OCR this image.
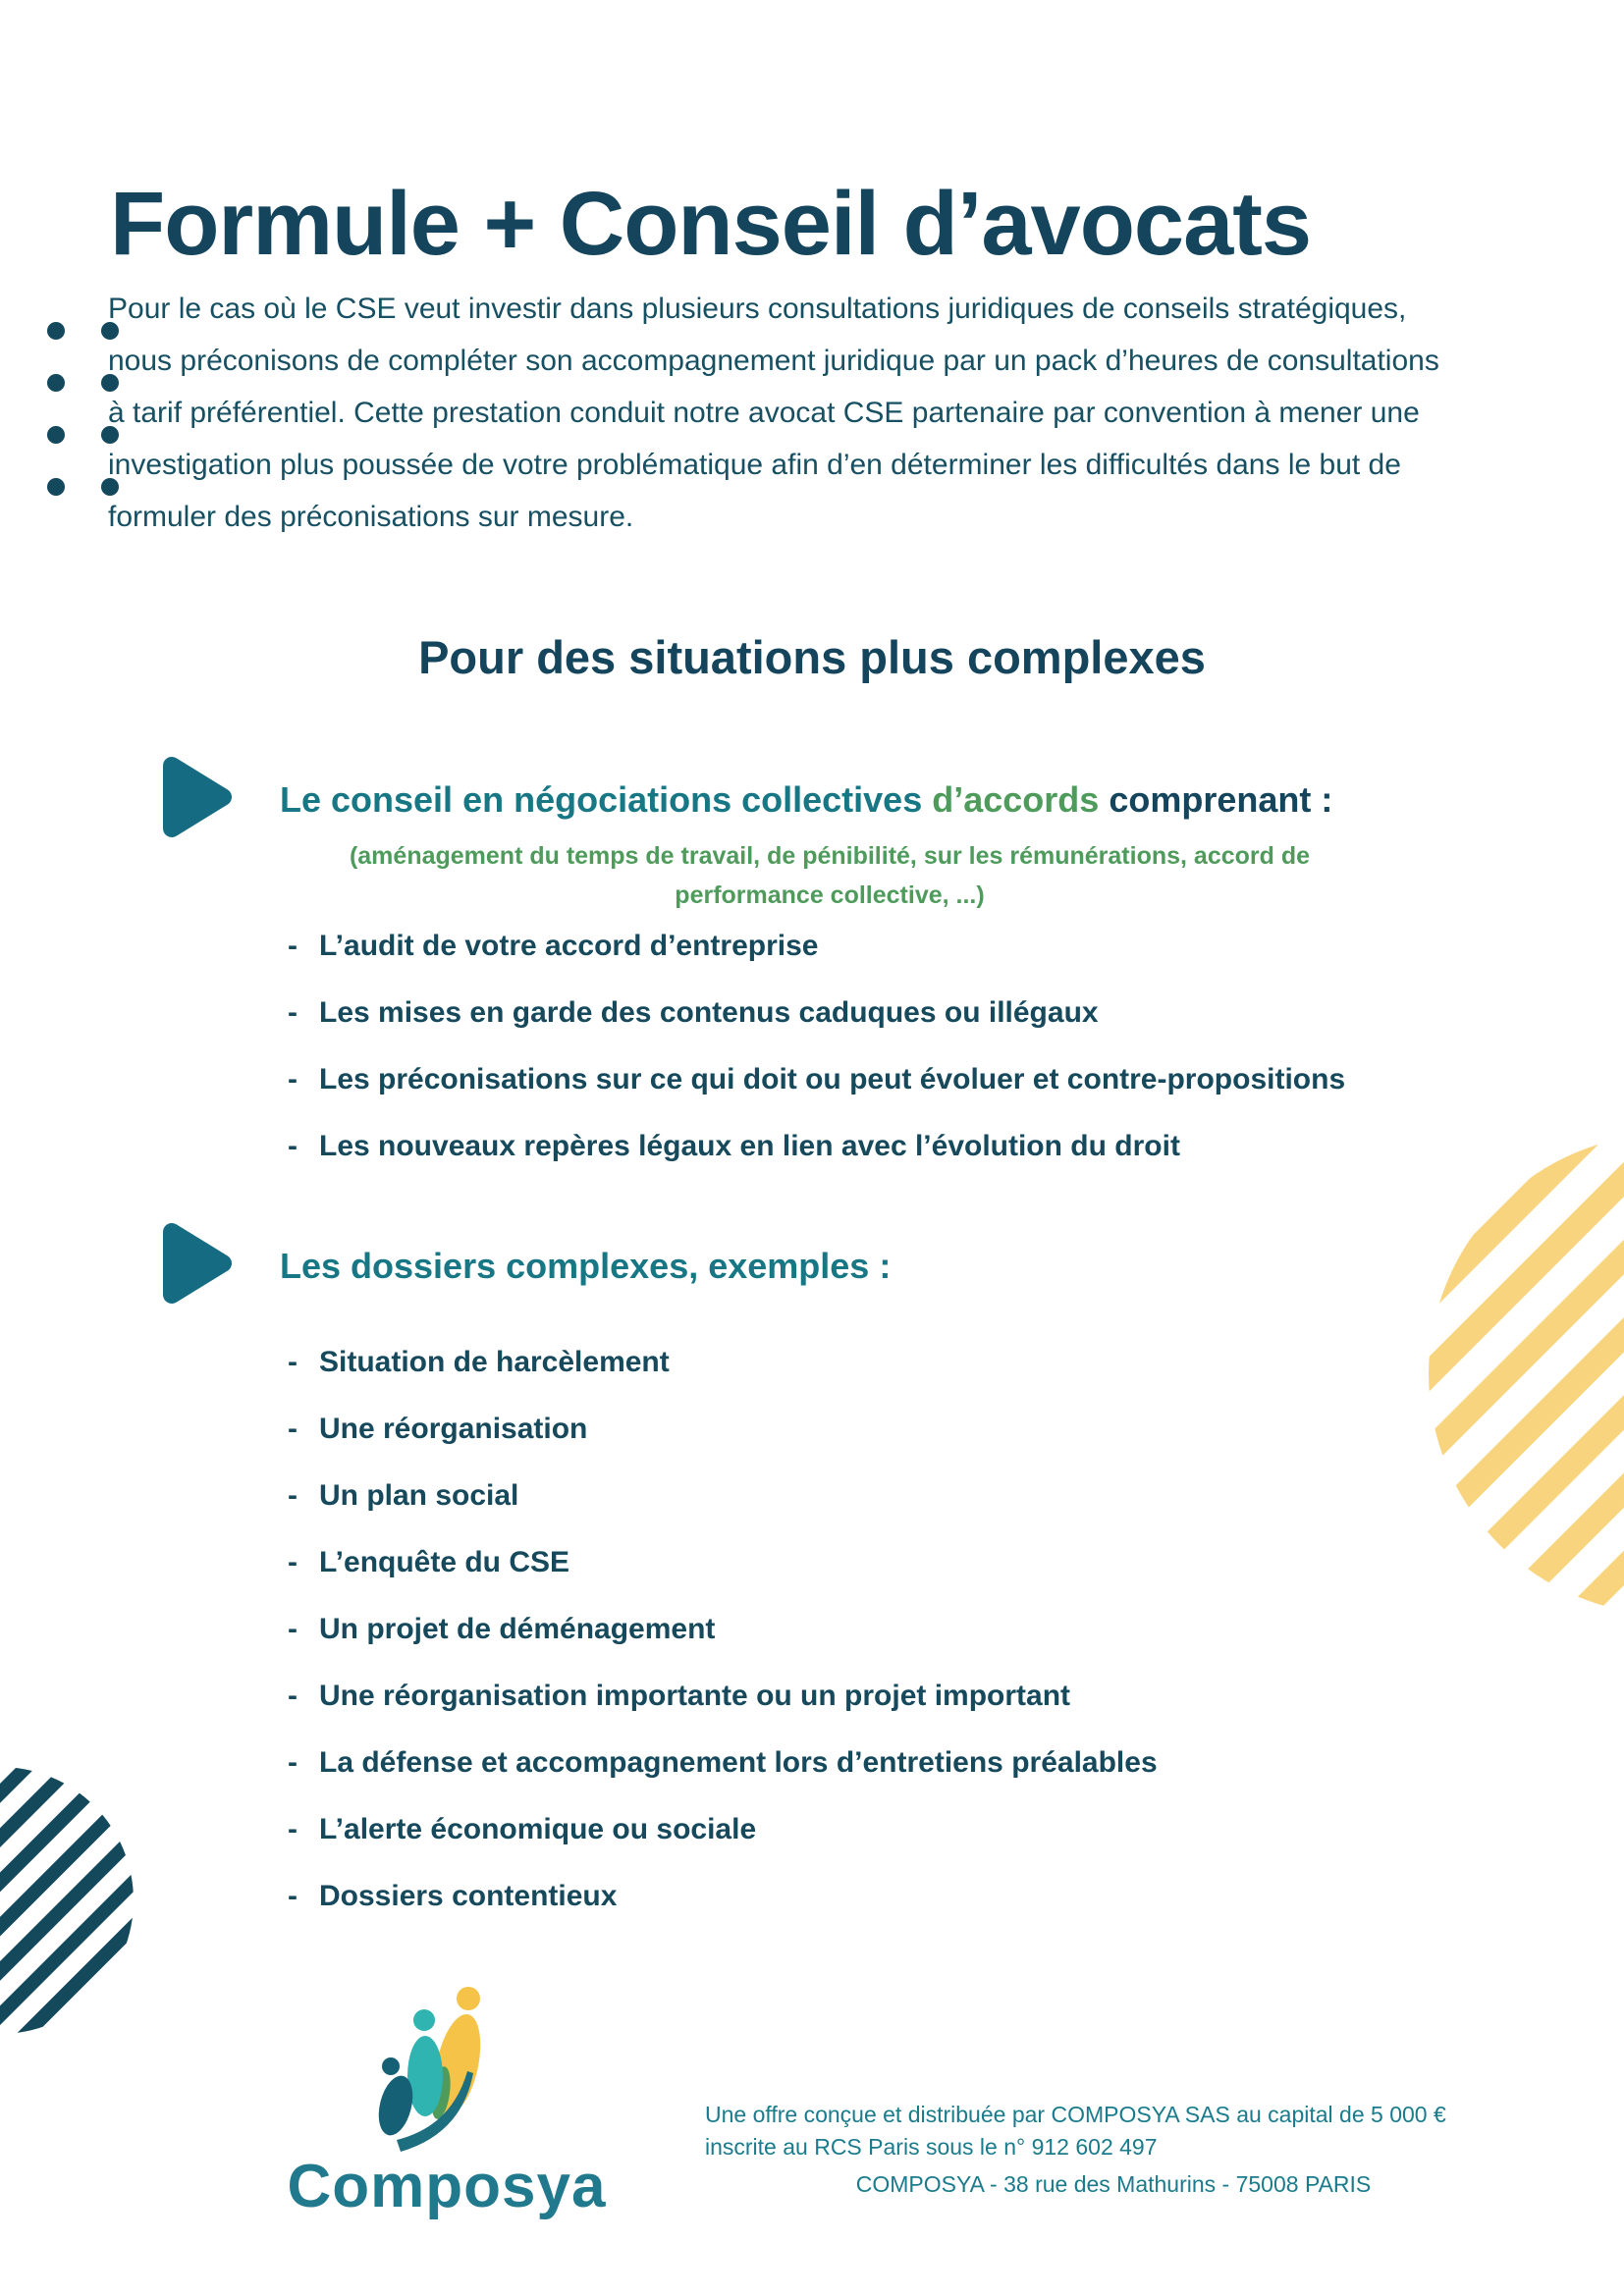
Formule + Conseil d’avocats

Pour le cas où le CSE veut investir dans plusieurs consultations juridiques de conseils stratégiques, nous préconisons de compléter son accompagnement juridique par un pack d’heures de consultations à tarif préférentiel. Cette prestation conduit notre avocat CSE partenaire par convention à mener une investigation plus poussée de votre problématique afin d’en déterminer les difficultés dans le but de formuler des préconisations sur mesure.

Pour des situations plus complexes
Le conseil en négociations collectives d’accords comprenant :
(aménagement du temps de travail, de pénibilité, sur les rémunérations, accord de
performance collective, ...)
- L’audit de votre accord d’entreprise
- Les mises en garde des contenus caduques ou illégaux
- Les préconisations sur ce qui doit ou peut évoluer et contre-propositions
- Les nouveaux repères légaux en lien avec l’évolution du droit
Les dossiers complexes, exemples :
- Situation de harcèlement
- Une réorganisation
- Un plan social
- L’enquête du CSE
- Un projet de déménagement
- Une réorganisation importante ou un projet important
- La défense et accompagnement lors d’entretiens préalables
- L’alerte économique ou sociale
- Dossiers contentieux
Composya
Une offre conçue et distribuée par COMPOSYA SAS au capital de 5 000 €
inscrite au RCS Paris sous le n° 912 602 497
COMPOSYA - 38 rue des Mathurins - 75008 PARIS
